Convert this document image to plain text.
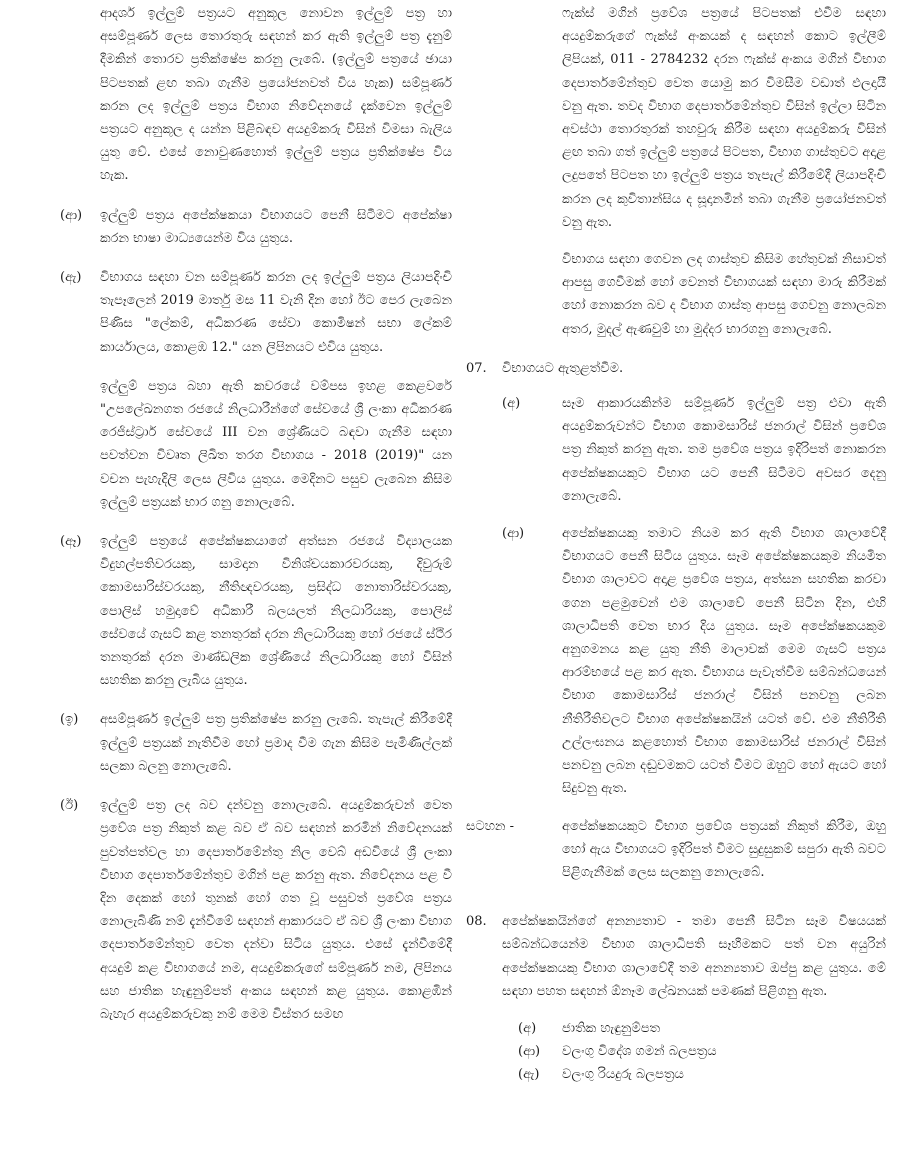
ආදර්ශ ඉල්ලුම් පත්‍රයට අනුකූල නොවන ඉල්ලුම් පත්‍ර හා අසම්පූර්ණ ලෙස තොරතුරු සඳහන් කර ඇති ඉල්ලුම් පත්‍ර දැනුම් දීමකින් තොරව ප්‍රතික්ෂේප කරනු ලැබේ. (ඉල්ලුම් පත්‍රයේ ඡායා පිටපතක් ළඟ තබා ගැනීම ප්‍රයෝජනවත් විය හැක) සම්පූර්ණ කරන ලද ඉල්ලුම් පත්‍රය විභාග නිවේදනයේ දැක්වෙන ඉල්ලුම් පත්‍රයට අනුකූල ද යන්න පිළිබඳව අයදුම්කරු විසින් විමසා බැලිය යුතු වේ. එසේ නොවුණහොත් ඉල්ලුම් පත්‍රය ප්‍රතික්ෂේප විය හැක.
(ආ)	ඉල්ලුම් පත්‍රය අපේක්ෂකයා විභාගයට පෙනී සිටීමට අපේක්ෂා කරන භාෂා මාධ්‍යයෙන්ම විය යුතුය.
(ඇ)	විභාගය සඳහා වන සම්පූර්ණ කරන ලද ඉල්ලුම් පත්‍රය ලියාපදිංචි තැපෑලෙන් 2019 මාර්තු මස 11 වැනි දින හෝ ඊට පෙර ලැබෙන පිණිස "ලේකම්, අධිකරණ සේවා කොමිෂන් සභා ලේකම් කාර්යාලය, කොළඹ 12." යන ලිපිනයට එවිය යුතුය.
ඉල්ලුම් පත්‍රය බහා ඇති කවරයේ වම්පස ඉහළ කෙළවරේ "උපලේඛනගත රජයේ නිලධාරීන්ගේ සේවයේ ශ්‍රී ලංකා අධිකරණ රෙජිස්ට්‍රාර් සේවයේ III වන ශ්‍රේණියට බඳවා ගැනීම සඳහා පවත්වන විවෘත ලිඛිත තරග විභාගය - 2018 (2019)" යන වචන පැහැදිලි ලෙස ලිවිය යුතුය. මෙදිනට පසුව ලැබෙන කිසිම ඉල්ලුම් පත්‍රයක් භාර ගනු නොලැබේ.
(ඈ)	ඉල්ලුම් පත්‍රයේ අපේක්ෂකයාගේ අත්සන රජයේ විද්‍යාලයක විදුහල්පතිවරයකු, සාමදාන විනිශ්චයකාරවරයකු, දිවුරුම් කොමසාරිස්වරයකු, නීතිඥවරයකු, ප්‍රසිද්ධ නොතාරිස්වරයකු, පොලිස් හමුදාවේ අධිකාරී බලයලත් නිලධාරියකු, පොලිස් සේවයේ ගැසට් කළ තනතුරක් දරන නිලධාරියකු හෝ රජයේ ස්ථිර තනතුරක් දරන මාණ්ඩලික ශ්‍රේණියේ නිලධාරියකු හෝ විසින් සහතික කරනු ලැබිය යුතුය.
(ඉ)	අසම්පූර්ණ ඉල්ලුම් පත්‍ර ප්‍රතික්ෂේප කරනු ලැබේ. තැපැල් කිරීමේදී ඉල්ලුම් පත්‍රයක් නැතිවීම හෝ ප්‍රමාද වීම ගැන කිසිම පැමිණිල්ලක් සලකා බලනු නොලැබේ.
(ඊ)	ඉල්ලුම් පත්‍ර ලද බව දන්වනු නොලැබේ. අයදුම්කරුවන් වෙත ප්‍රවේශ පත්‍ර නිකුත් කළ බව ඒ බව සඳහන් කරමින් නිවේදනයක් පුවත්පත්වල හා දෙපාර්තමේන්තු නිල වෙබ් අඩවියේ ශ්‍රී ලංකා විභාග දෙපාර්තමේන්තුව මගින් පළ කරනු ඇත. නිවේදනය පළ වී දින දෙකක් හෝ තුනක් හෝ ගත වූ පසුවත් ප්‍රවේශ පත්‍රය නොලැබිණි නම් දැන්වීමේ සඳහන් ආකාරයට ඒ බව ශ්‍රී ලංකා විභාග දෙපාර්තමේන්තුව වෙත දන්වා සිටිය යුතුය. එසේ දැන්වීමේදී අයදුම් කළ විභාගයේ නම, අයදුම්කරුගේ සම්පූර්ණ නම, ලිපිනය සහ ජාතික හැඳුනුම්පත් අංකය සඳහන් කළ යුතුය. කොළඹින් බැහැර අයදුම්කරුවකු නම් මෙම විස්තර සමඟ
ෆැක්ස් මගින් ප්‍රවේශ පත්‍රයේ පිටපතක් එවීම සඳහා අයදුම්කරුගේ ෆැක්ස් අංකයක් ද සඳහන් කොට ඉල්ලීම් ලිපියක්, 011 - 2784232 දරන ෆැක්ස් අංකය මගින් විභාග දෙපාර්තමේන්තුව වෙත යොමු කර විමසීම වඩාත් ඵලදායී වනු ඇත. තවද විභාග දෙපාර්තමේන්තුව විසින් ඉල්ලා සිටින අවස්ථා තොරතුරක් තහවුරු කිරීම සඳහා අයදුම්කරු විසින් ළඟ තබා ගත් ඉල්ලුම් පත්‍රයේ පිටපත, විභාග ගාස්තුවට අදාළ ලදුපතේ පිටපත හා ඉල්ලුම් පත්‍රය තැපැල් කිරීමේදී ලියාපදිංචි කරන ලද කුවිතාන්සිය ද සූදානමින් තබා ගැනීම ප්‍රයෝජනවත් වනු ඇත.
විභාගය සඳහා ගෙවන ලද ගාස්තුව කිසිම හේතුවක් නිසාවත් ආපසු ගෙවීමක් හෝ වෙනත් විභාගයක් සඳහා මාරු කිරීමක් හෝ නොකරන බව ද විභාග ගාස්තු ආපසු ගෙවනු නොලබන අතර, මුදල් ඇණවුම් හා මුද්දර භාරගනු නොලැබේ.
07.	විභාගයට ඇතුළත්වීම.
(අ)	සෑම ආකාරයකින්ම සම්පූර්ණ ඉල්ලුම් පත්‍ර එවා ඇති අයදුම්කරුවන්ට විභාග කොමසාරිස් ජනරාල් විසින් ප්‍රවේශ පත්‍ර නිකුත් කරනු ඇත. තම ප්‍රවේශ පත්‍රය ඉදිරිපත් නොකරන අපේක්ෂකයකුට විභාග යට පෙනී සිටීමට අවසර දෙනු නොලැබේ.
(ආ)	අපේක්ෂකයකු තමාට නියම කර ඇති විභාග ශාලාවේදී විභාගයට පෙනී සිටිය යුතුය. සෑම අපේක්ෂකයකුම නියමිත විභාග ශාලාවට අදාළ ප්‍රවේශ පත්‍රය, අත්සන සහතික කරවා ගෙන පළමුවෙන් එම ශාලාවේ පෙනී සිටින දින, එහි ශාලාධිපති වෙත භාර දිය යුතුය. සෑම අපේක්ෂකයකුම අනුගමනය කළ යුතු නීති මාලාවක් මෙම ගැසට් පත්‍රය ආරම්භයේ පළ කර ඇත. විභාගය පැවැත්වීම සම්බන්ධයෙන් විභාග කොමසාරිස් ජනරාල් විසින් පනවනු ලබන නීතිරීතිවලට විභාග අපේක්ෂකයින් යටත් වේ. එම නීතිරීති උල්ලංඝනය කළහොත් විභාග කොමසාරිස් ජනරාල් විසින් පනවනු ලබන දඬුවමකට යටත් වීමට ඔහුට හෝ ඇයට හෝ සිදුවනු ඇත.
සටහන -	අපේක්ෂකයකුට විභාග ප්‍රවේශ පත්‍රයක් නිකුත් කිරීම, ඔහු හෝ ඇය විභාගයට ඉදිරිපත් වීමට සුදුසුකම් සපුරා ඇති බවට පිළිගැනීමක් ලෙස සලකනු නොලැබේ.
08.	අපේක්ෂකයින්ගේ අනන්‍යතාව - තමා පෙනී සිටින සෑම විෂයයක් සම්බන්ධයෙන්ම විභාග ශාලාධිපති සෑහීමකට පත් වන අයුරින් අපේක්ෂකයකු විභාග ශාලාවේදී තම අනන්‍යතාව ඔප්පු කළ යුතුය. මේ සඳහා පහත සඳහන් ඕනෑම ලේඛනයක් පමණක් පිළිගනු ඇත.
(අ)	ජාතික හැඳුනුම්පත
(ආ)	වලංගු විදේශ ගමන් බලපත්‍රය
(ඇ)	වලංගු රියදුරු බලපත්‍රය
